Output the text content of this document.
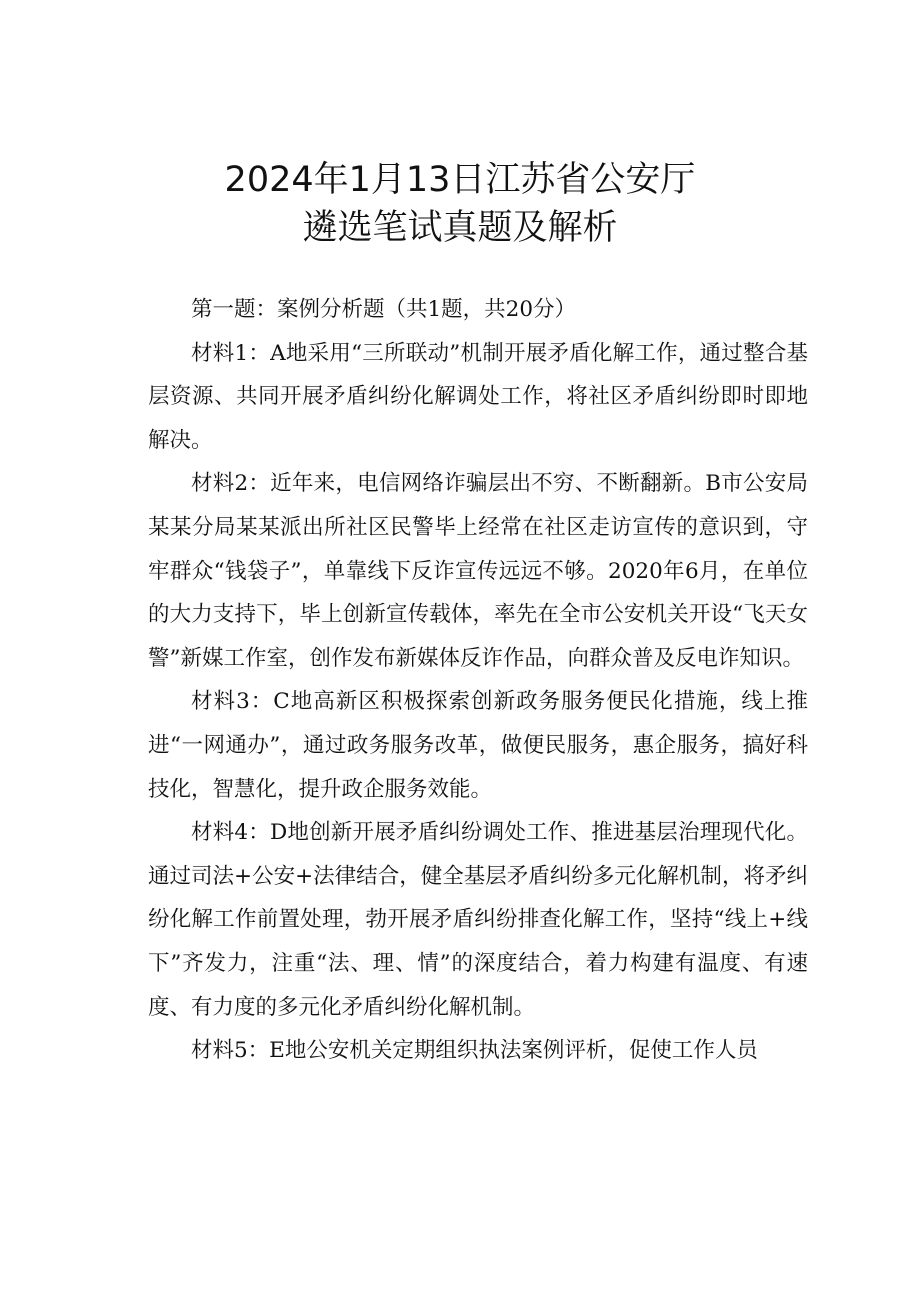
2024年1月13日江苏省公安厅
遴选笔试真题及解析

第一题：案例分析题（共1题，共20分）

材料1：A地采用“三所联动”机制开展矛盾化解工作，通过整合基层资源、共同开展矛盾纠纷化解调处工作，将社区矛盾纠纷即时即地解决。

材料2：近年来，电信网络诈骗层出不穷、不断翻新。B市公安局某某分局某某派出所社区民警毕上经常在社区走访宣传的意识到，守牢群众“钱袋子”，单靠线下反诈宣传远远不够。2020年6月，在单位的大力支持下，毕上创新宣传载体，率先在全市公安机关开设“飞天女警”新媒工作室，创作发布新媒体反诈作品，向群众普及反电诈知识。

材料3：C地高新区积极探索创新政务服务便民化措施，线上推进“一网通办”，通过政务服务改革，做便民服务，惠企服务，搞好科技化，智慧化，提升政企服务效能。

材料4：D地创新开展矛盾纠纷调处工作、推进基层治理现代化。通过司法+公安+法律结合，健全基层矛盾纠纷多元化解机制，将矛纠纷化解工作前置处理，勃开展矛盾纠纷排查化解工作，坚持“线上+线下”齐发力，注重“法、理、情”的深度结合，着力构建有温度、有速度、有力度的多元化矛盾纠纷化解机制。

材料5：E地公安机关定期组织执法案例评析，促使工作人员
